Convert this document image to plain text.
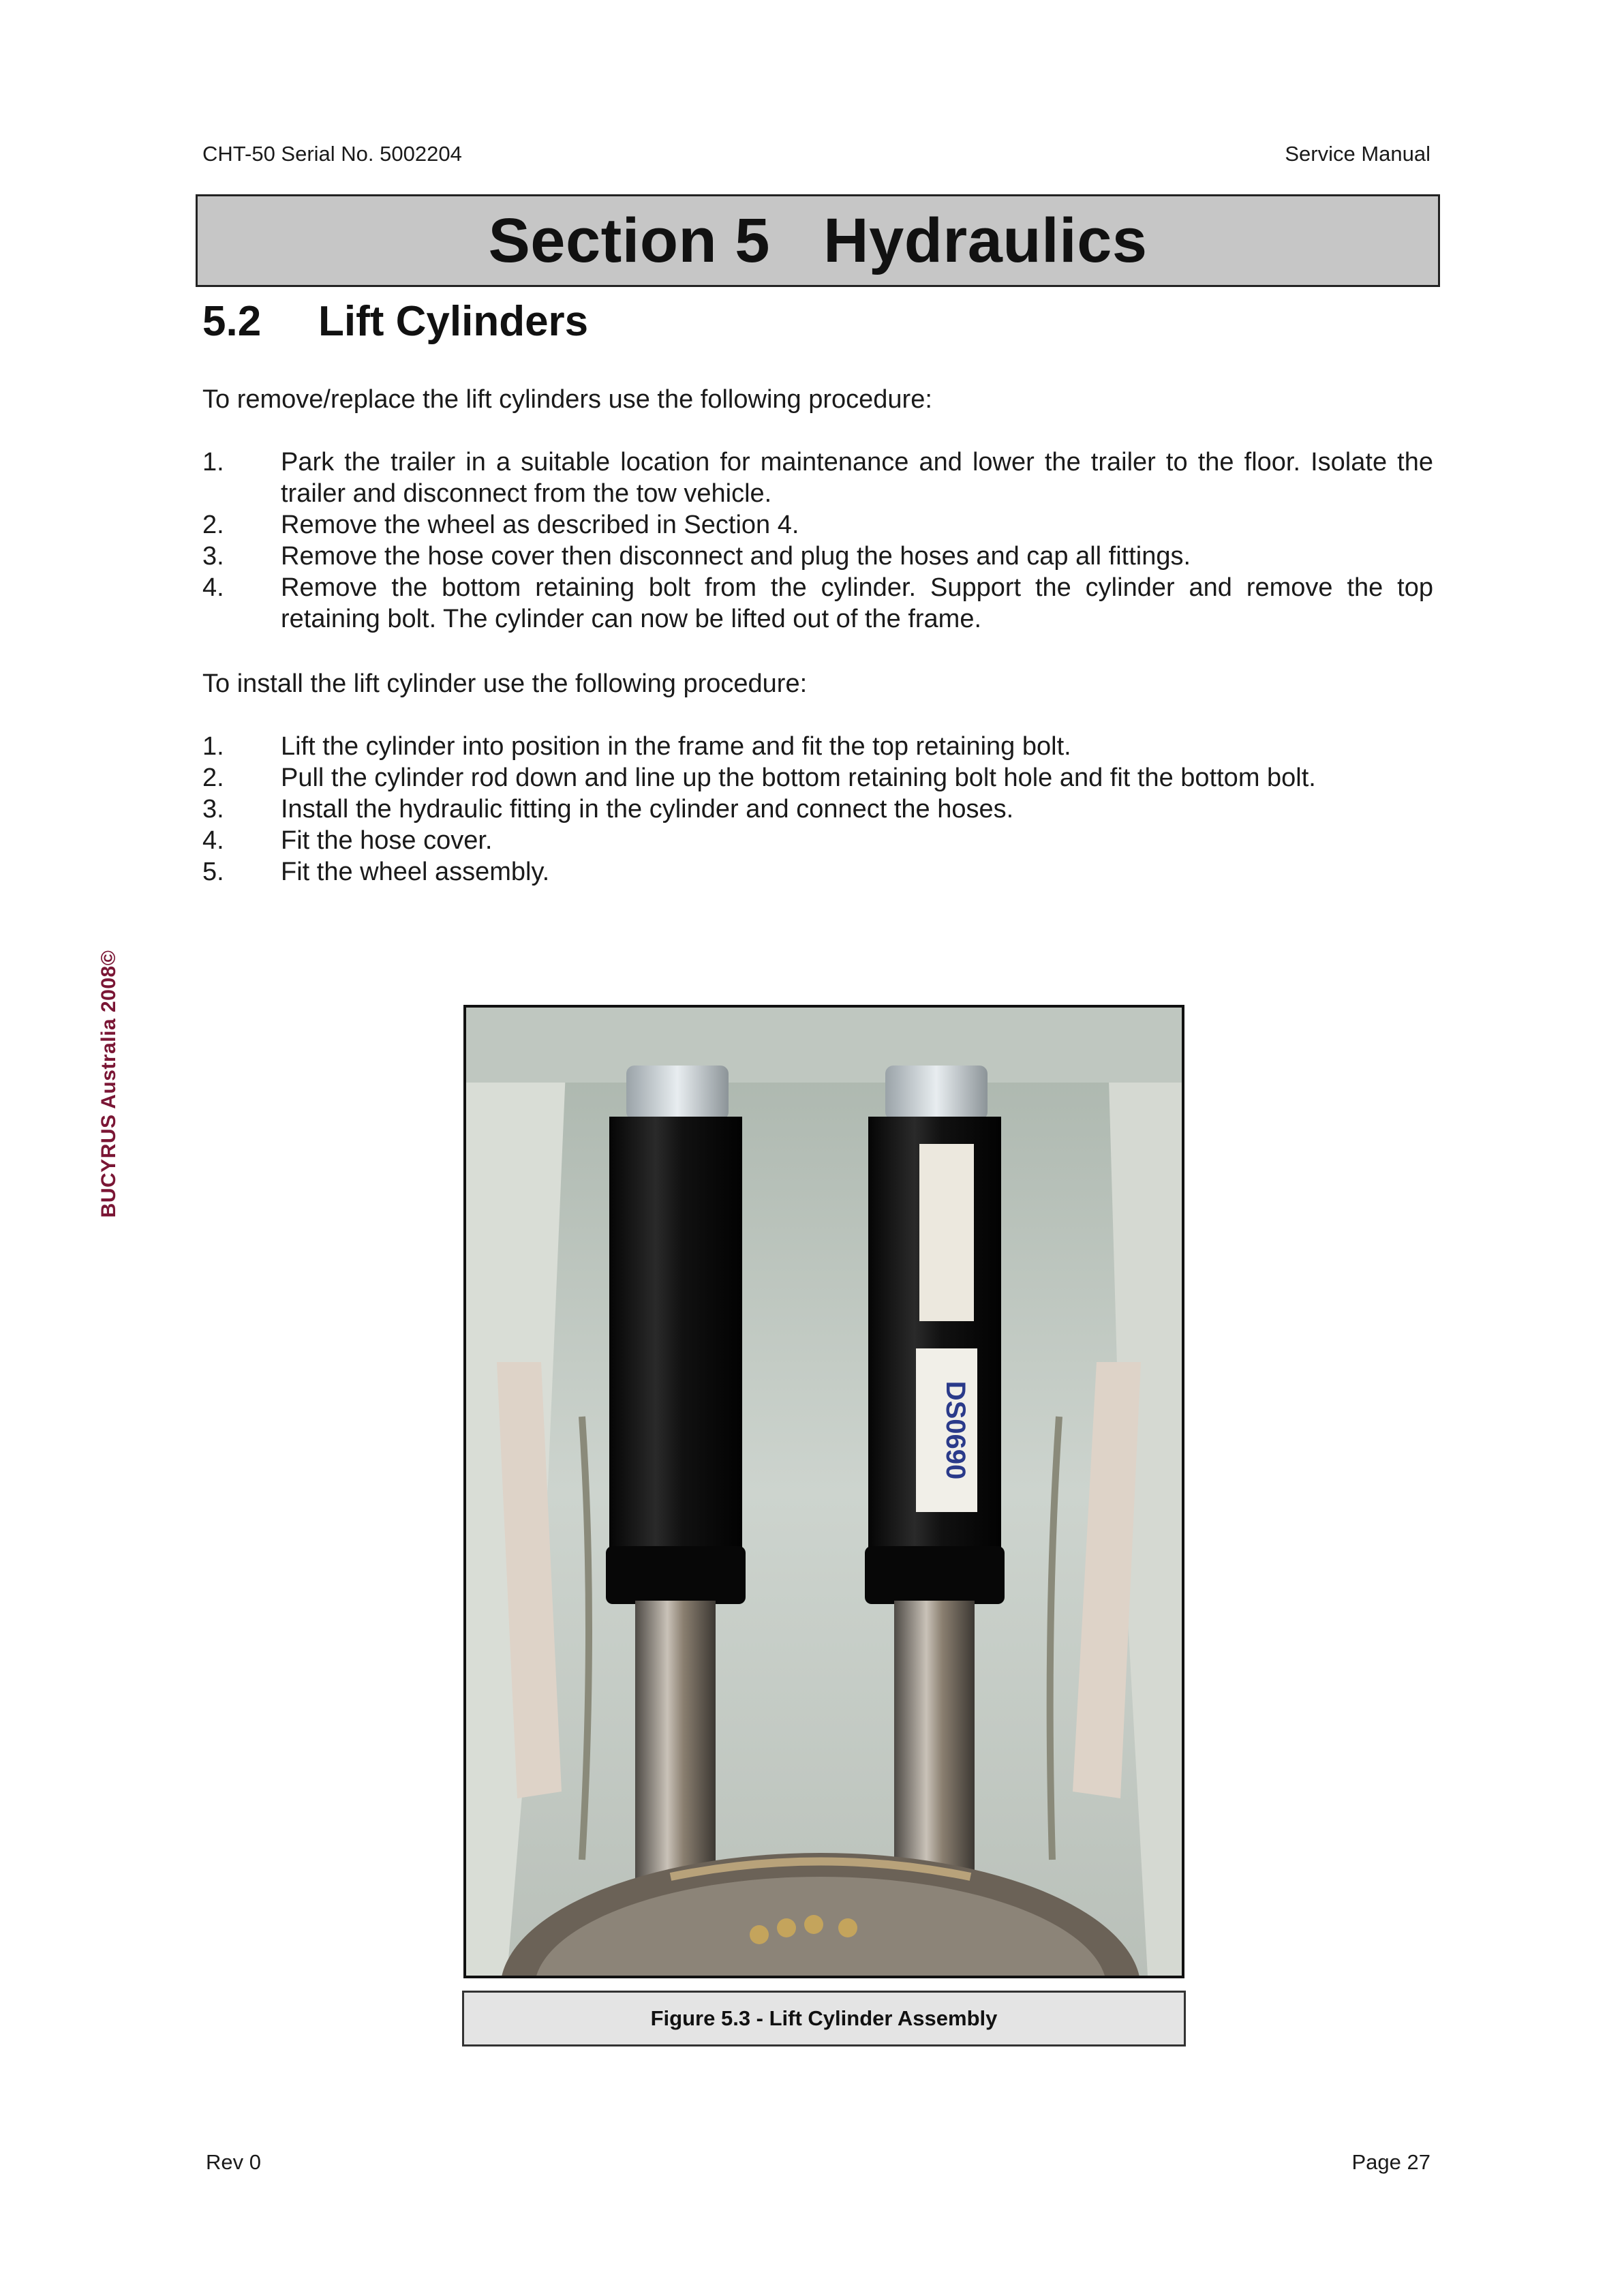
CHT-50 Serial No. 5002204	Service Manual
Section 5   Hydraulics
5.2 Lift Cylinders

To remove/replace the lift cylinders use the following procedure:

1.	Park the trailer in a suitable location for maintenance and lower the trailer to the floor. Isolate the trailer and disconnect from the tow vehicle.
2.	Remove the wheel as described in Section 4.
3.	Remove the hose cover then disconnect and plug the hoses and cap all fittings.
4.	Remove the bottom retaining bolt from the cylinder. Support the cylinder and remove the top retaining bolt. The cylinder can now be lifted out of the frame.

To install the lift cylinder use the following procedure:

1.	Lift the cylinder into position in the frame and fit the top retaining bolt.
2.	Pull the cylinder rod down and line up the bottom retaining bolt hole and fit the bottom bolt.
3.	Install the hydraulic fitting in the cylinder and connect the hoses.
4.	Fit the hose cover.
5.	Fit the wheel assembly.
BUCYRUS Australia 2008©
DS0690
Figure 5.3 - Lift Cylinder Assembly
Rev 0	Page 27
